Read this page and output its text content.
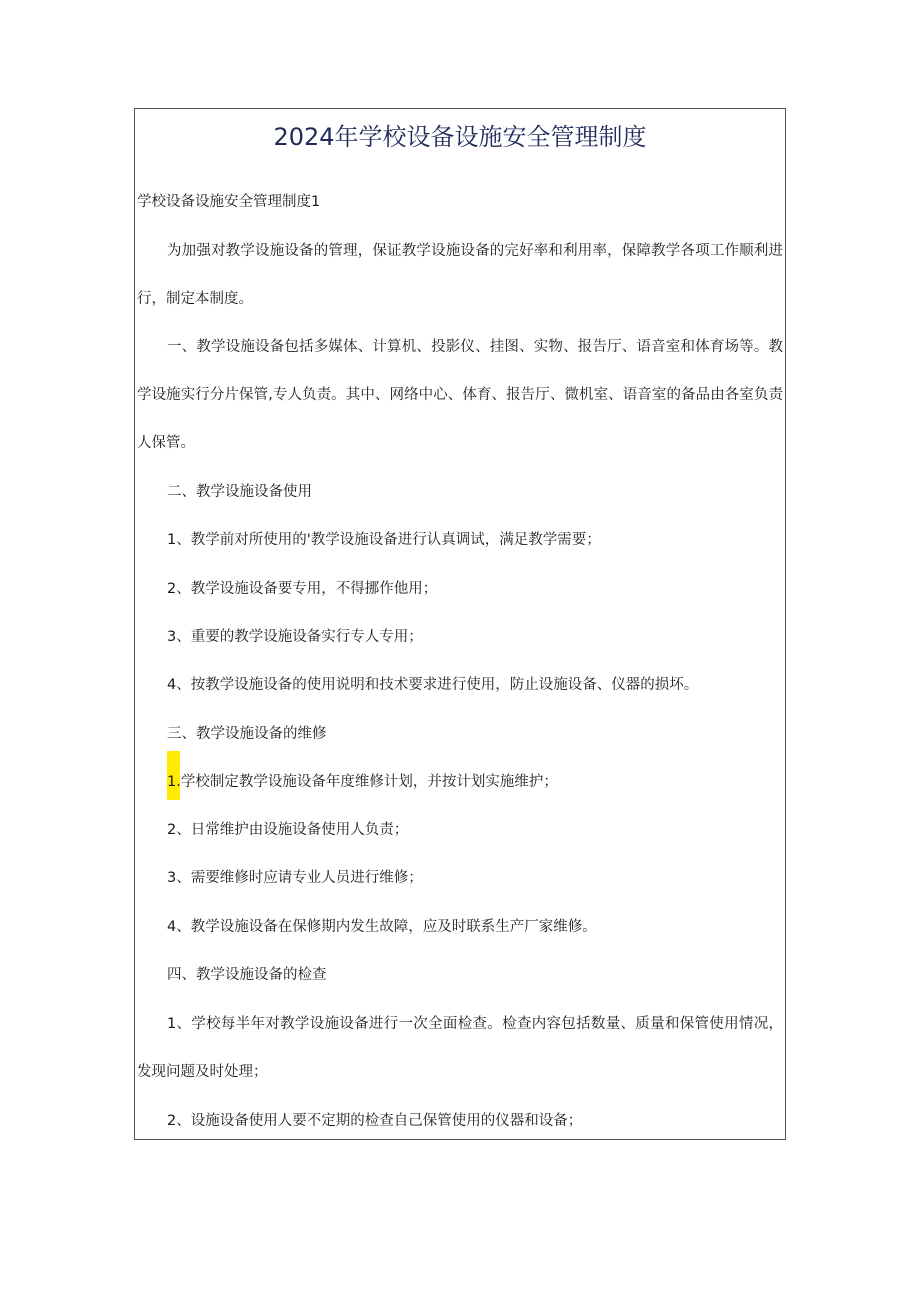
2024年学校设备设施安全管理制度

学校设备设施安全管理制度1

为加强对教学设施设备的管理，保证教学设施设备的完好率和利用率，保障教学各项工作顺利进行，制定本制度。

一、教学设施设备包括多媒体、计算机、投影仪、挂图、实物、报告厅、语音室和体育场等。教学设施实行分片保管,专人负责。其中、网络中心、体育、报告厅、微机室、语音室的备品由各室负责人保管。

二、教学设施设备使用

1、教学前对所使用的'教学设施设备进行认真调试，满足教学需要；

2、教学设施设备要专用，不得挪作他用；

3、重要的教学设施设备实行专人专用；

4、按教学设施设备的使用说明和技术要求进行使用，防止设施设备、仪器的损坏。

三、教学设施设备的维修

1.学校制定教学设施设备年度维修计划，并按计划实施维护；

2、日常维护由设施设备使用人负责；

3、需要维修时应请专业人员进行维修；

4、教学设施设备在保修期内发生故障，应及时联系生产厂家维修。

四、教学设施设备的检查

1、学校每半年对教学设施设备进行一次全面检查。检查内容包括数量、质量和保管使用情况，发现问题及时处理；

2、设施设备使用人要不定期的检查自己保管使用的仪器和设备；
